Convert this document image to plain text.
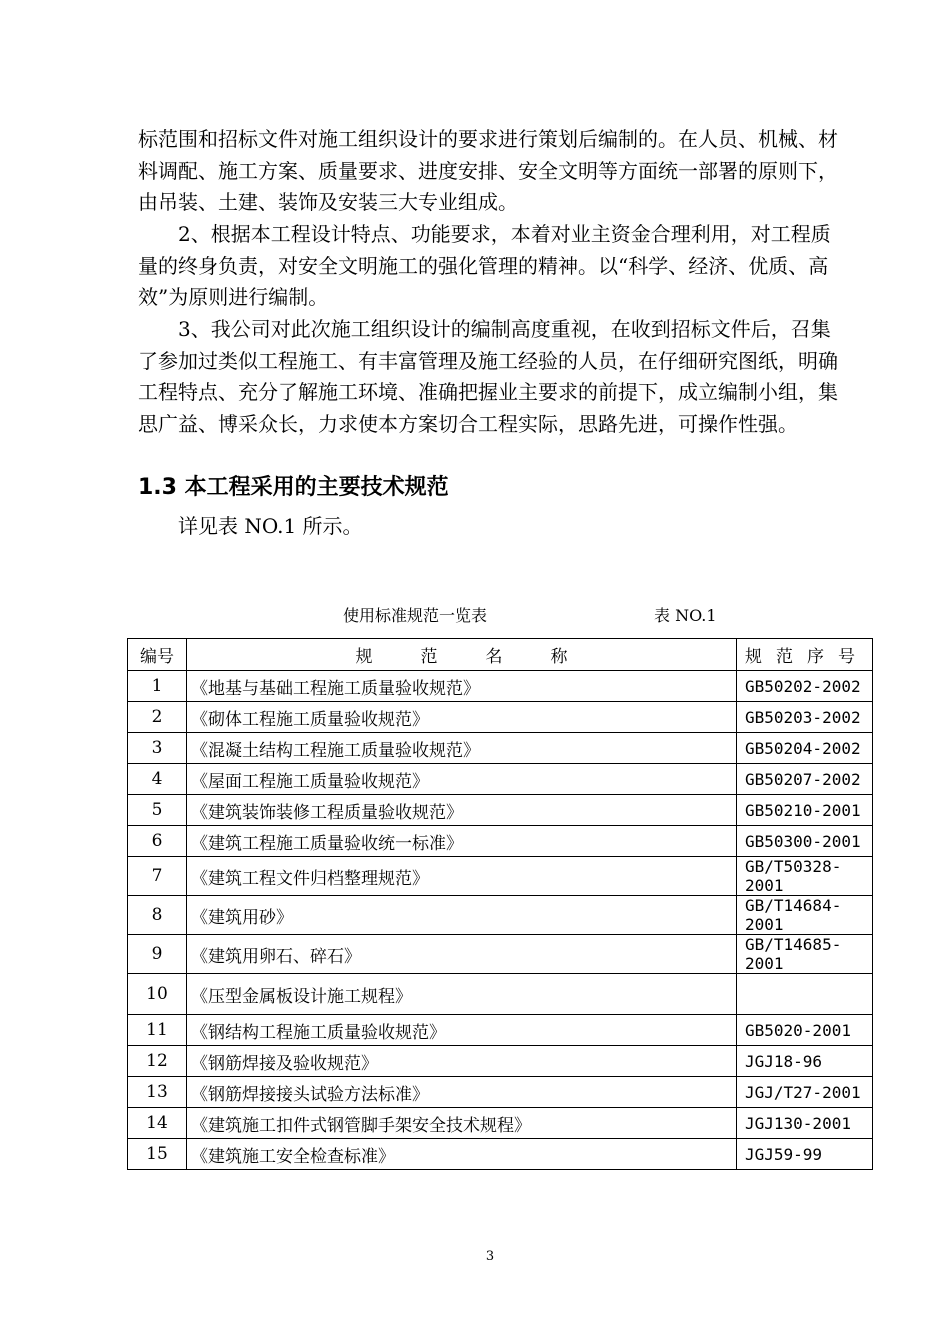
标范围和招标文件对施工组织设计的要求进行策划后编制的。在人员、机械、材料调配、施工方案、质量要求、进度安排、安全文明等方面统一部署的原则下，由吊装、土建、装饰及安装三大专业组成。

2、根据本工程设计特点、功能要求，本着对业主资金合理利用，对工程质量的终身负责，对安全文明施工的强化管理的精神。以“科学、经济、优质、高效”为原则进行编制。

3、我公司对此次施工组织设计的编制高度重视，在收到招标文件后，召集了参加过类似工程施工、有丰富管理及施工经验的人员，在仔细研究图纸，明确工程特点、充分了解施工环境、准确把握业主要求的前提下，成立编制小组，集思广益、博采众长，力求使本方案切合工程实际，思路先进，可操作性强。

1.3 本工程采用的主要技术规范

详见表 NO.1 所示。

使用标准规范一览表	表 NO.1
编号	规范名称	规范序号
1	《地基与基础工程施工质量验收规范》	GB50202-2002
2	《砌体工程施工质量验收规范》	GB50203-2002
3	《混凝土结构工程施工质量验收规范》	GB50204-2002
4	《屋面工程施工质量验收规范》	GB50207-2002
5	《建筑装饰装修工程质量验收规范》	GB50210-2001
6	《建筑工程施工质量验收统一标准》	GB50300-2001
7	《建筑工程文件归档整理规范》	GB/T50328-2001
8	《建筑用砂》	GB/T14684-2001
9	《建筑用卵石、碎石》	GB/T14685-2001
10	《压型金属板设计施工规程》	
11	《钢结构工程施工质量验收规范》	GB5020-2001
12	《钢筋焊接及验收规范》	JGJ18-96
13	《钢筋焊接接头试验方法标准》	JGJ/T27-2001
14	《建筑施工扣件式钢管脚手架安全技术规程》	JGJ130-2001
15	《建筑施工安全检查标准》	JGJ59-99
3
